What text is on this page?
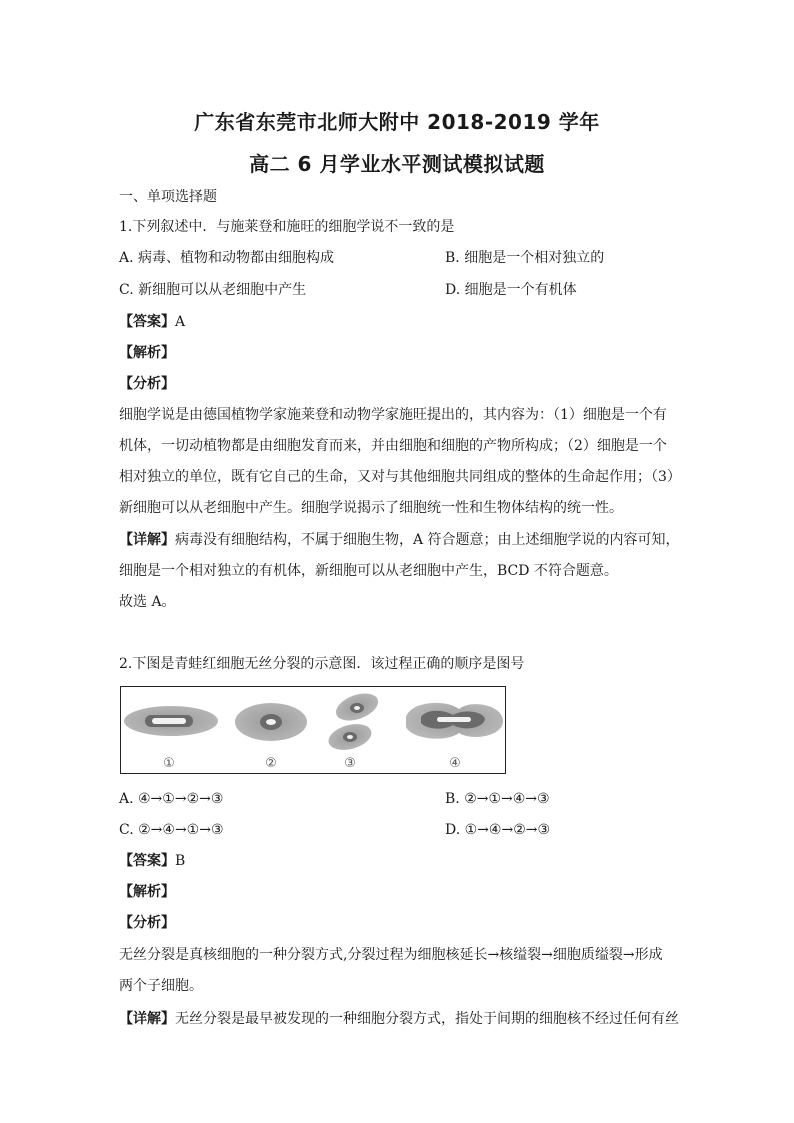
广东省东莞市北师大附中 2018-2019 学年
高二 6 月学业水平测试模拟试题
一、单项选择题
1.下列叙述中．与施莱登和施旺的细胞学说不一致的是
A. 病毒、植物和动物都由细胞构成	B. 细胞是一个相对独立的
C. 新细胞可以从老细胞中产生	D. 细胞是一个有机体
【答案】A
【解析】
【分析】
细胞学说是由德国植物学家施莱登和动物学家施旺提出的，其内容为：（1）细胞是一个有
机体，一切动植物都是由细胞发育而来，并由细胞和细胞的产物所构成；（2）细胞是一个
相对独立的单位，既有它自己的生命，又对与其他细胞共同组成的整体的生命起作用；（3）
新细胞可以从老细胞中产生。细胞学说揭示了细胞统一性和生物体结构的统一性。
【详解】病毒没有细胞结构，不属于细胞生物，A 符合题意；由上述细胞学说的内容可知，
细胞是一个相对独立的有机体，新细胞可以从老细胞中产生，BCD 不符合题意。
故选 A。
2.下图是青蛙红细胞无丝分裂的示意图．该过程正确的顺序是图号
①	②	③	④
A. ④→①→②→③	B. ②→①→④→③
C. ②→④→①→③	D. ①→④→②→③
【答案】B
【解析】
【分析】
无丝分裂是真核细胞的一种分裂方式,分裂过程为细胞核延长→核缢裂→细胞质缢裂→形成
两个子细胞。
【详解】无丝分裂是最早被发现的一种细胞分裂方式，指处于间期的细胞核不经过任何有丝
